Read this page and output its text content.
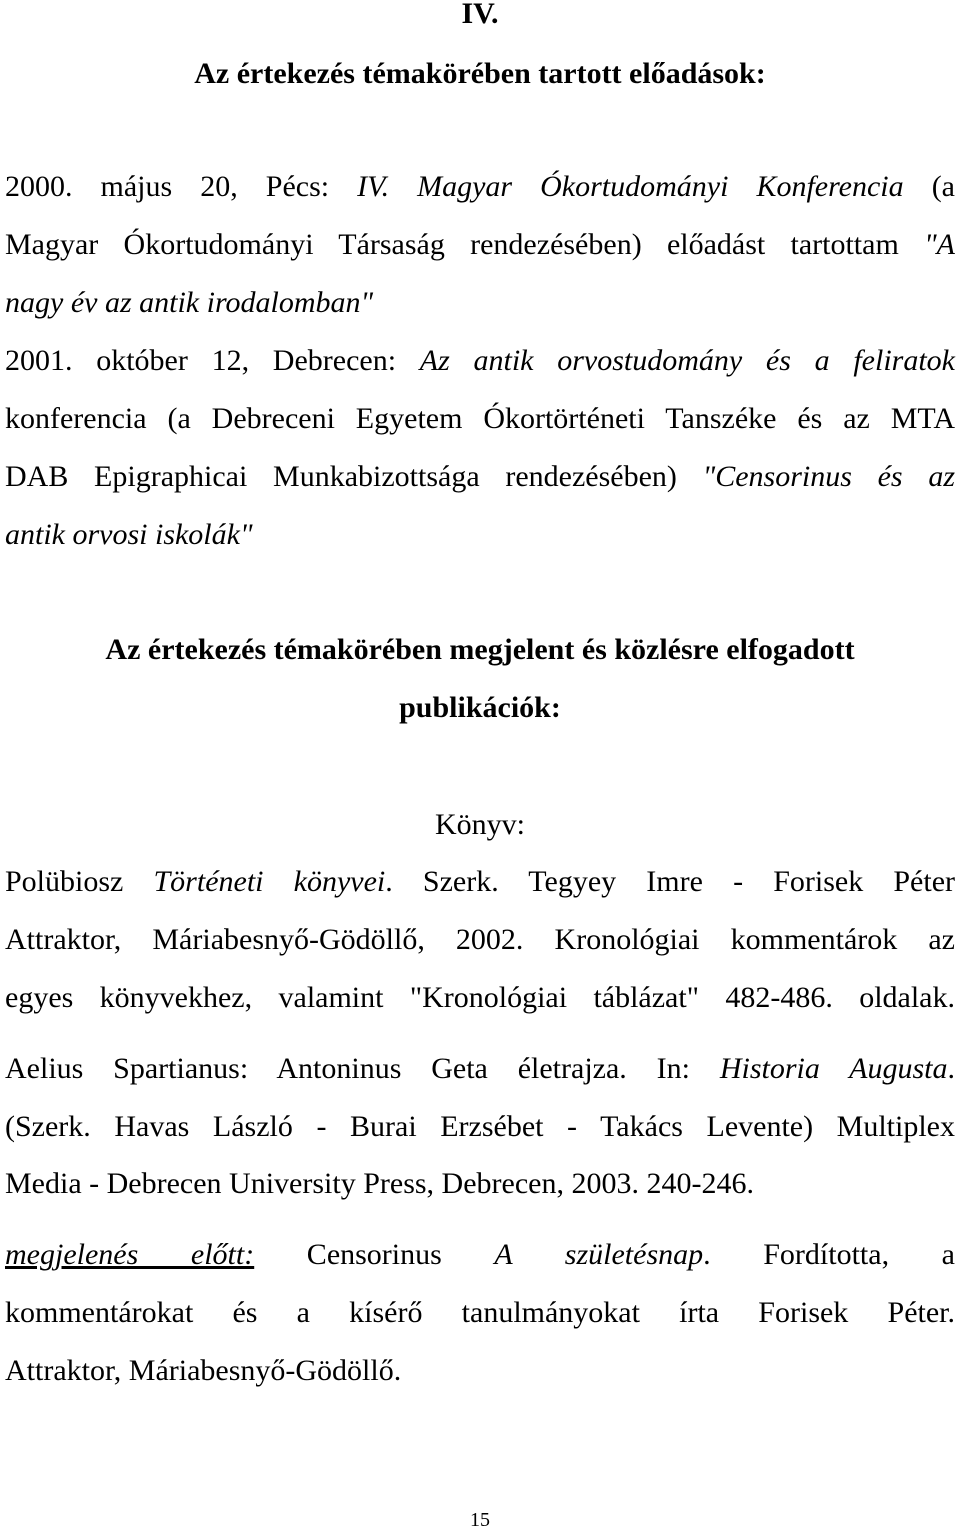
IV.
Az értekezés témakörében tartott előadások:
2000. május 20, Pécs: IV. Magyar Ókortudományi Konferencia (a
Magyar Ókortudományi Társaság rendezésében) előadást tartottam "A
nagy év az antik irodalomban"
2001. október 12, Debrecen: Az antik orvostudomány és a feliratok
konferencia (a Debreceni Egyetem Ókortörténeti Tanszéke és az MTA
DAB Epigraphicai Munkabizottsága rendezésében) "Censorinus és az
antik orvosi iskolák"
Az értekezés témakörében megjelent és közlésre elfogadott
publikációk:
Könyv:
Polübiosz Történeti könyvei. Szerk. Tegyey Imre - Forisek Péter
Attraktor, Máriabesnyő-Gödöllő, 2002. Kronológiai kommentárok az
egyes könyvekhez, valamint "Kronológiai táblázat" 482-486. oldalak.
Aelius Spartianus: Antoninus Geta életrajza. In: Historia Augusta.
(Szerk. Havas László - Burai Erzsébet - Takács Levente) Multiplex
Media - Debrecen University Press, Debrecen, 2003. 240-246.
megjelenés előtt: Censorinus A születésnap. Fordította, a
kommentárokat és a kísérő tanulmányokat írta Forisek Péter.
Attraktor, Máriabesnyő-Gödöllő.
15
